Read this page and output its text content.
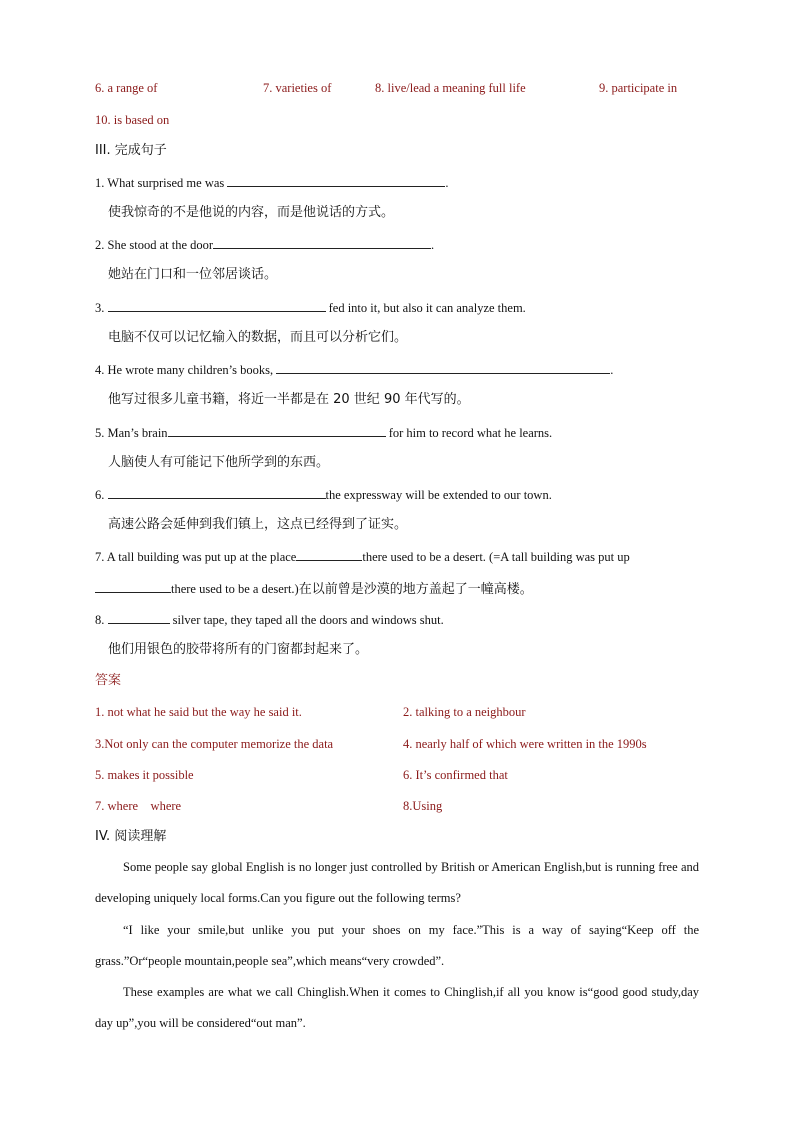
6. a range of	7. varieties of	8. live/lead a meaning full life	9. participate in
10. is based on
III. 完成句子
1. What surprised me was	.
使我惊奇的不是他说的内容，而是他说话的方式。
2. She stood at the door	.
她站在门口和一位邻居谈话。
3.	fed into it, but also it can analyze them.
电脑不仅可以记忆输入的数据，而且可以分析它们。
4. He wrote many children’s books,	.
他写过很多儿童书籍，将近一半都是在 20 世纪 90 年代写的。
5. Man’s brain	for him to record what he learns.
人脑使人有可能记下他所学到的东西。
6.	the expressway will be extended to our town.
高速公路会延伸到我们镇上，这点已经得到了证实。
7. A tall building was put up at the place	there used to be a desert. (=A tall building was put up
there used to be a desert.)在以前曾是沙漠的地方盖起了一幢高楼。
8.	silver tape, they taped all the doors and windows shut.
他们用银色的胶带将所有的门窗都封起来了。
答案
1. not what he said but the way he said it.	2. talking to a neighbour
3.Not only can the computer memorize the data	4. nearly half of which were written in the 1990s
5. makes it possible	6. It’s confirmed that
7. where    where	8.Using
IV. 阅读理解
Some people say global English is no longer just controlled by British or American English,but is running free and developing uniquely local forms.Can you figure out the following terms?
“I like your smile,but unlike you put your shoes on my face.”This is a way of saying“Keep off the grass.”Or“people mountain,people sea”,which means“very crowded”.
These examples are what we call Chinglish.When it comes to Chinglish,if all you know is“good good study,day day up”,you will be considered“out man”.
